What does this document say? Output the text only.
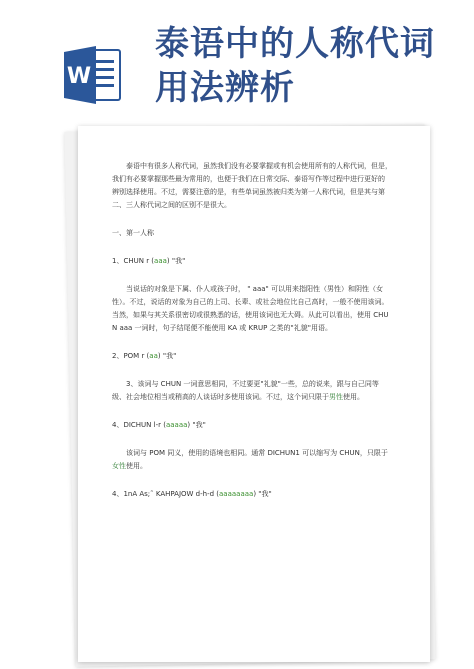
W
泰语中的人称代词
用法辨析

泰语中有很多人称代词，虽然我们没有必要掌握或有机会使用所有的人称代词，但是，

我们有必要掌握那些最为常用的，也便于我们在日常交际、泰语写作等过程中进行更好的

辨别选择使用。不过，需要注意的是，有些单词虽然被归类为第一人称代词，但是其与第

二、三人称代词之间的区别不是很大。

一、第一人称

1、CHUN r (ааа) "我"

当说话的对象是下属、仆人或孩子时， " ааа" 可以用来指阳性（男性）和阴性（女

性）。不过，说话的对象为自己的上司、长辈、或社会地位比自己高时，一般不使用该词。

当然，如果与其关系很密切或很熟悉的话，使用该词也无大碍。从此可以看出，使用 CHU

N ааа 一词时，句子结尾便不能使用 KA 或 KRUP 之类的"礼貌"用语。

2、POM r (аа) "我"

3、该词与 CHUN 一词意思相同，不过要更"礼貌"一些，总的说来，跟与自己同等

级、社会地位相当或稍高的人谈话时多使用该词。不过，这个词只限于男性使用。

4、DICHUN l-r (ааааа) "我"

该词与 POM 同义，使用的语境也相同。通常 DICHUN1 可以缩写为 CHUN，只限于

女性使用。

4、1nA As;˜ KAHPAJOW d-h-d (аааааааа) "我"
